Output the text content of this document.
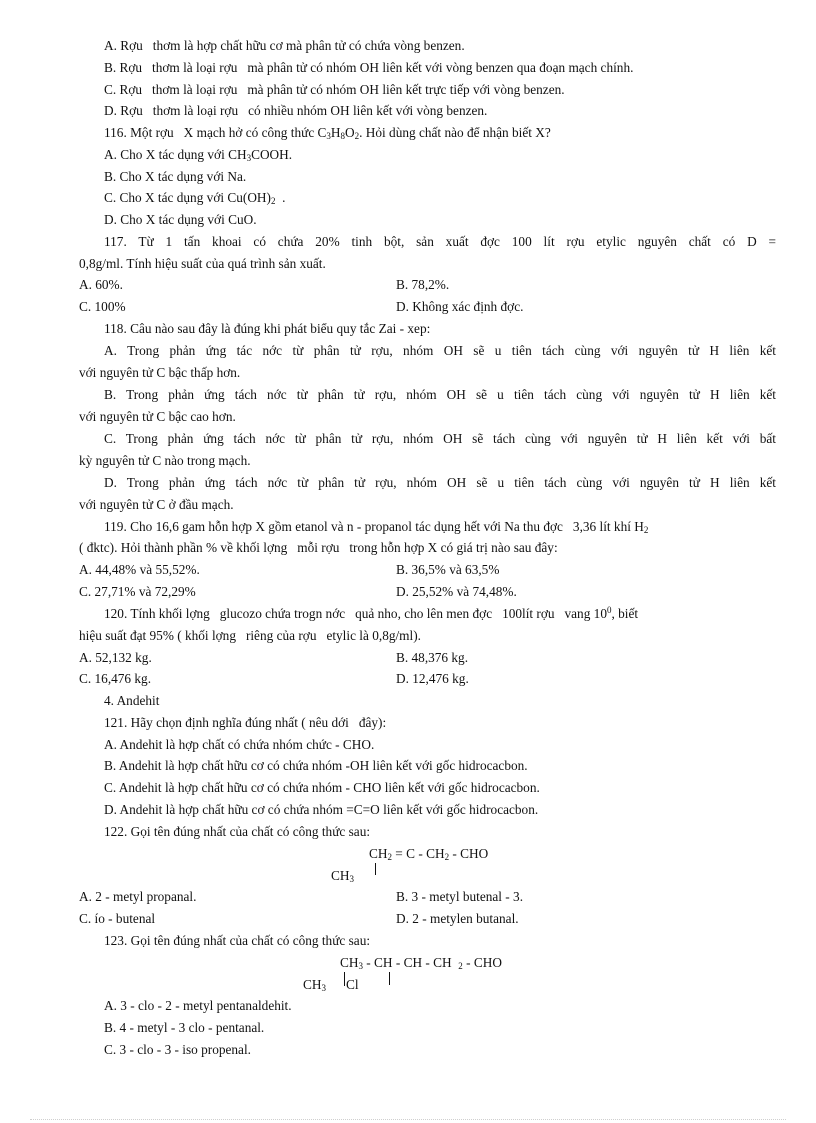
A. Rợu   thơm là hợp chất hữu cơ mà phân tử có chứa vòng benzen.
B. Rợu   thơm là loại rợu   mà phân tử có nhóm OH liên kết với vòng benzen qua đoạn mạch chính.
C. Rợu   thơm là loại rợu   mà phân tử có nhóm OH liên kết trực tiếp với vòng benzen.
D. Rợu   thơm là loại rợu   có nhiều nhóm OH liên kết với vòng benzen.
116. Một rợu   X mạch hở có công thức $C_3H_8O_2$. Hỏi dùng chất nào để nhận biết X?
A. Cho X tác dụng với $CH_3COOH$.
B. Cho X tác dụng với Na.
C. Cho X tác dụng với $Cu(OH)_2$  .
D. Cho X tác dụng với CuO.
117. Từ 1 tấn khoai có chứa 20% tinh bột, sản xuất đợc 100 lít rợu etylic nguyên chất có D =
0,8g/ml. Tính hiệu suất của quá trình sản xuất.
A. 60%.	B. 78,2%.
C. 100%	D. Không xác định đợc.
118. Câu nào sau đây là đúng khi phát biểu quy tắc Zai - xep:
A. Trong phản ứng tác nớc từ phân tử rợu, nhóm OH sẽ u tiên tách cùng với nguyên tử H liên kết
với nguyên tử C bậc thấp hơn.
B. Trong phản ứng tách nớc từ phân tử rợu, nhóm OH sẽ u tiên tách cùng với nguyên tử H liên kết
với nguyên tử C bậc cao hơn.
C. Trong phản ứng tách nớc từ phân tử rợu, nhóm OH sẽ tách cùng với nguyên tử H liên kết với bất
kỳ nguyên tử C nào trong mạch.
D. Trong phản ứng tách nớc từ phân tử rợu, nhóm OH sẽ u tiên tách cùng với nguyên tử H liên kết
với nguyên tử C ở đầu mạch.
119. Cho 16,6 gam hỗn hợp X gồm etanol và n - propanol tác dụng hết với Na thu đợc   3,36 lít khí $H_2$
( đktc). Hỏi thành phần % về khối lợng   mỗi rợu   trong hỗn hợp X có giá trị nào sau đây:
A. 44,48% và 55,52%.	B. 36,5% và 63,5%
C. 27,71% và 72,29%	D. 25,52% và 74,48%.
120. Tính khối lợng   glucozo chứa trogn nớc   quả nho, cho lên men đợc   100lít rợu   vang $10^0$, biết
hiệu suất đạt 95% ( khối lợng   riêng của rợu   etylic là 0,8g/ml).
A. 52,132 kg.	B. 48,376 kg.
C. 16,476 kg.	D. 12,476 kg.
4. Andehit
121. Hãy chọn định nghĩa đúng nhất ( nêu dới   đây):
A. Andehit là hợp chất có chứa nhóm chức - CHO.
B. Andehit là hợp chất hữu cơ có chứa nhóm -OH liên kết với gốc hidrocacbon.
C. Andehit là hợp chất hữu cơ có chứa nhóm - CHO liên kết với gốc hidrocacbon.
D. Andehit là hợp chất hữu cơ có chứa nhóm =C=O liên kết với gốc hidrocacbon.
122. Gọi tên đúng nhất của chất có công thức sau:
$CH_2 = C - CH_2$ - CHO
$CH_3$
A. 2 - metyl propanal.	B. 3 - metyl butenal - 3.
C. ío - butenal	D. 2 - metylen butanal.
123. Gọi tên đúng nhất của chất có công thức sau:
$CH_3$ - CH - CH - CH  $_2$ - CHO
$CH_3$ Cl
A. 3 - clo - 2 - metyl pentanaldehit.
B. 4 - metyl - 3 clo - pentanal.
C. 3 - clo - 3 - iso propenal.
